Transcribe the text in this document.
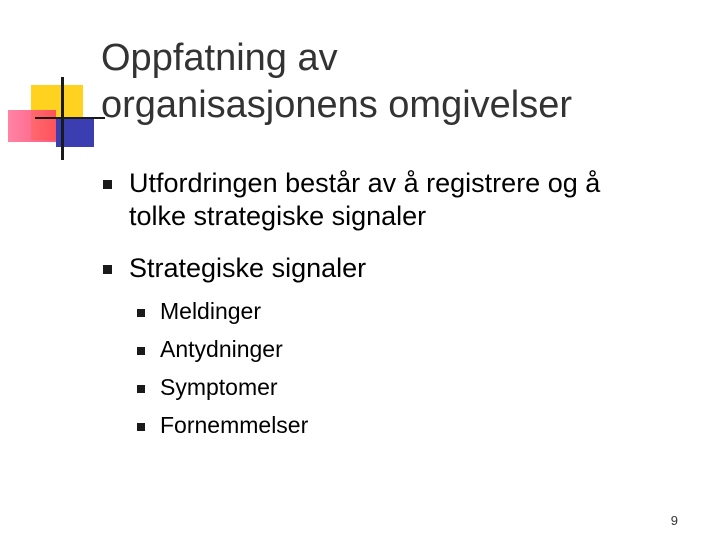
Oppfatning av
organisasjonens omgivelser
Utfordringen består av å registrere og å
tolke strategiske signaler
Strategiske signaler
Meldinger
Antydninger
Symptomer
Fornemmelser
9
